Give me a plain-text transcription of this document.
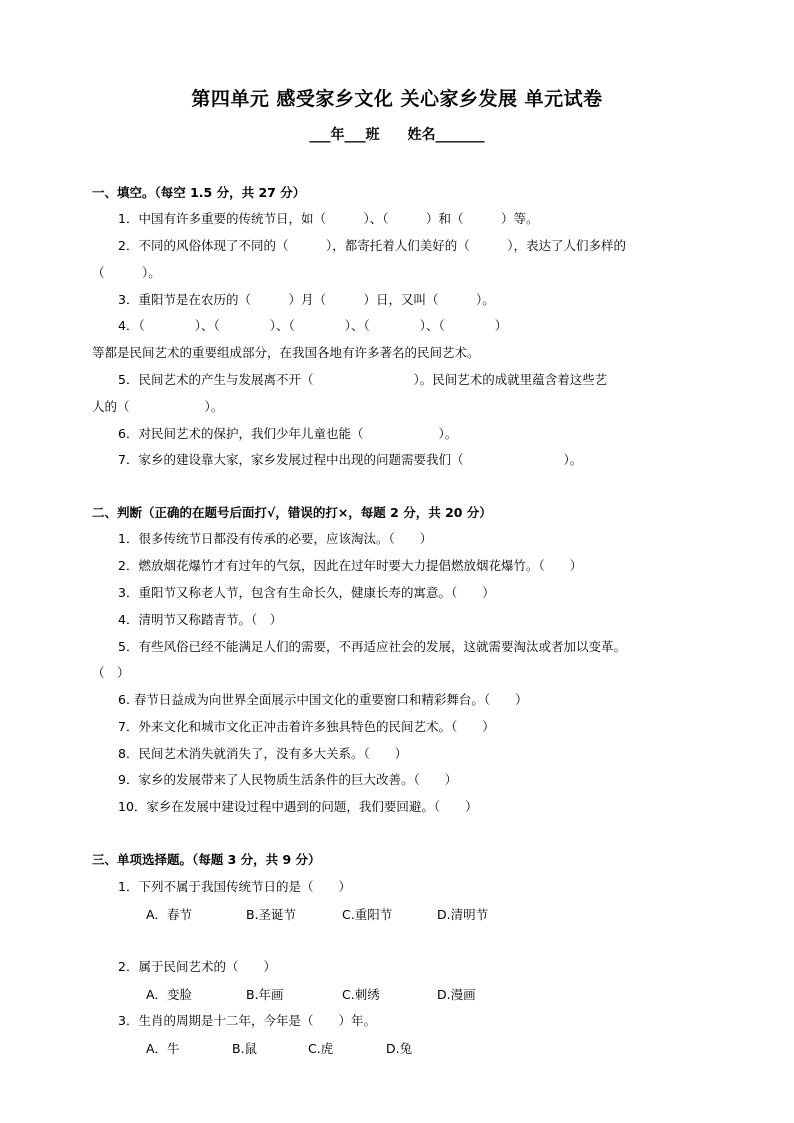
第四单元 感受家乡文化 关心家乡发展 单元试卷
___年___班　　姓名_______
一、填空。（每空 1.5 分，共 27 分）
1．中国有许多重要的传统节日，如（　　　）、（　　　）和（　　　）等。
2．不同的风俗体现了不同的（　　　），都寄托着人们美好的（　　　），表达了人们多样的
（　　　）。
3．重阳节是在农历的（　　　）月（　　　）日，又叫（　　　）。
4．（　　　　）、（　　　　）、（　　　　）、（　　　　）、（　　　　）
等都是民间艺术的重要组成部分，在我国各地有许多著名的民间艺术。
5．民间艺术的产生与发展离不开（　　　　　　　　）。民间艺术的成就里蕴含着这些艺
人的（　　　　　　）。
6．对民间艺术的保护，我们少年儿童也能（　　　　　　）。
7．家乡的建设靠大家，家乡发展过程中出现的问题需要我们（　　　　　　　　）。
二、判断（正确的在题号后面打√，错误的打×，每题 2 分，共 20 分）
1．很多传统节日都没有传承的必要，应该淘汰。（　　）
2．燃放烟花爆竹才有过年的气氛，因此在过年时要大力提倡燃放烟花爆竹。（　　）
3．重阳节又称老人节，包含有生命长久，健康长寿的寓意。（　　）
4．清明节又称踏青节。（　）
5．有些风俗已经不能满足人们的需要，不再适应社会的发展，这就需要淘汰或者加以变革。
（　）
6. 春节日益成为向世界全面展示中国文化的重要窗口和精彩舞台。（　　）
7．外来文化和城市文化正冲击着许多独具特色的民间艺术。（　　）
8．民间艺术消失就消失了，没有多大关系。（　　）
9．家乡的发展带来了人民物质生活条件的巨大改善。（　　）
10．家乡在发展中建设过程中遇到的问题，我们要回避。（　　）
三、单项选择题。（每题 3 分，共 9 分）
1．下列不属于我国传统节日的是（　　）
A．春节	B.圣诞节	C.重阳节	D.清明节
2．属于民间艺术的（　　）
A．变脸	B.年画	C.刺绣	D.漫画
3．生肖的周期是十二年，今年是（　　）年。
A．牛	B.鼠	C.虎	D.兔
